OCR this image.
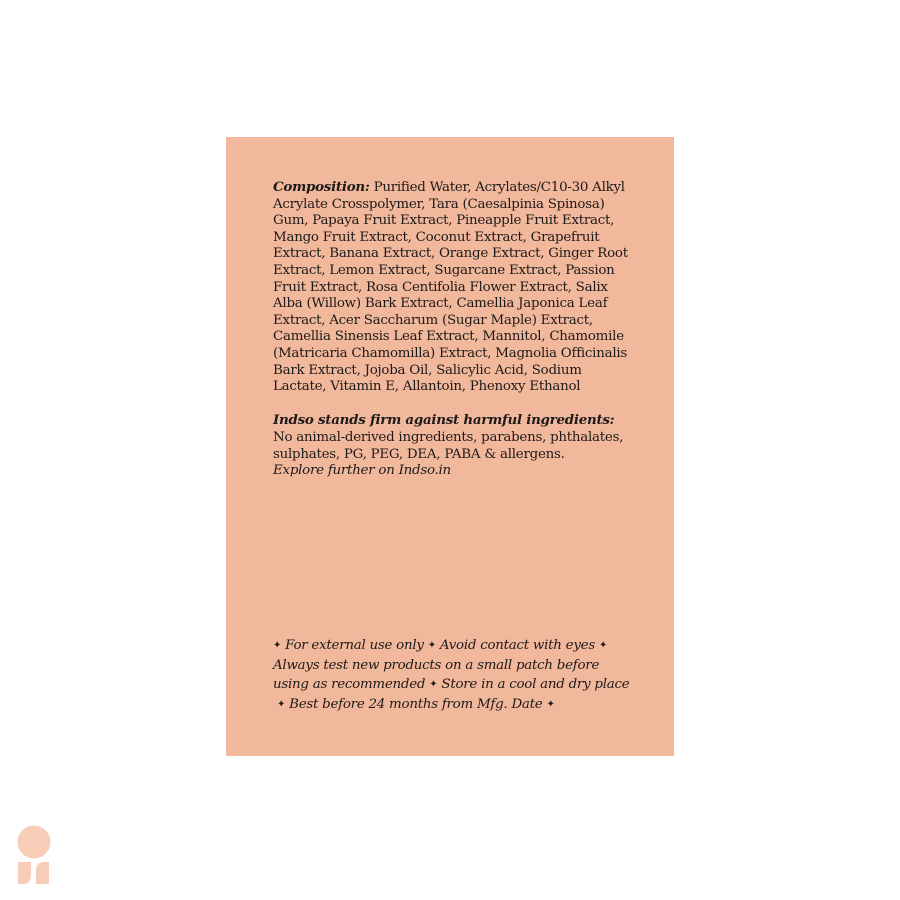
Composition: Purified Water, Acrylates/C10-30 Alkyl Acrylate Crosspolymer, Tara (Caesalpinia Spinosa) Gum, Papaya Fruit Extract, Pineapple Fruit Extract, Mango Fruit Extract, Coconut Extract, Grapefruit Extract, Banana Extract, Orange Extract, Ginger Root Extract, Lemon Extract, Sugarcane Extract, Passion Fruit Extract, Rosa Centifolia Flower Extract, Salix Alba (Willow) Bark Extract, Camellia Japonica Leaf Extract, Acer Saccharum (Sugar Maple) Extract, Camellia Sinensis Leaf Extract, Mannitol, Chamomile (Matricaria Chamomilla) Extract, Magnolia Officinalis Bark Extract, Jojoba Oil, Salicylic Acid, Sodium Lactate, Vitamin E, Allantoin, Phenoxy Ethanol

Indso stands firm against harmful ingredients: No animal-derived ingredients, parabens, phthalates, sulphates, PG, PEG, DEA, PABA & allergens.
Explore further on Indso.in

✦ For external use only ✦ Avoid contact with eyes ✦ Always test new products on a small patch before using as recommended ✦ Store in a cool and dry place✦ Best before 24 months from Mfg. Date ✦
